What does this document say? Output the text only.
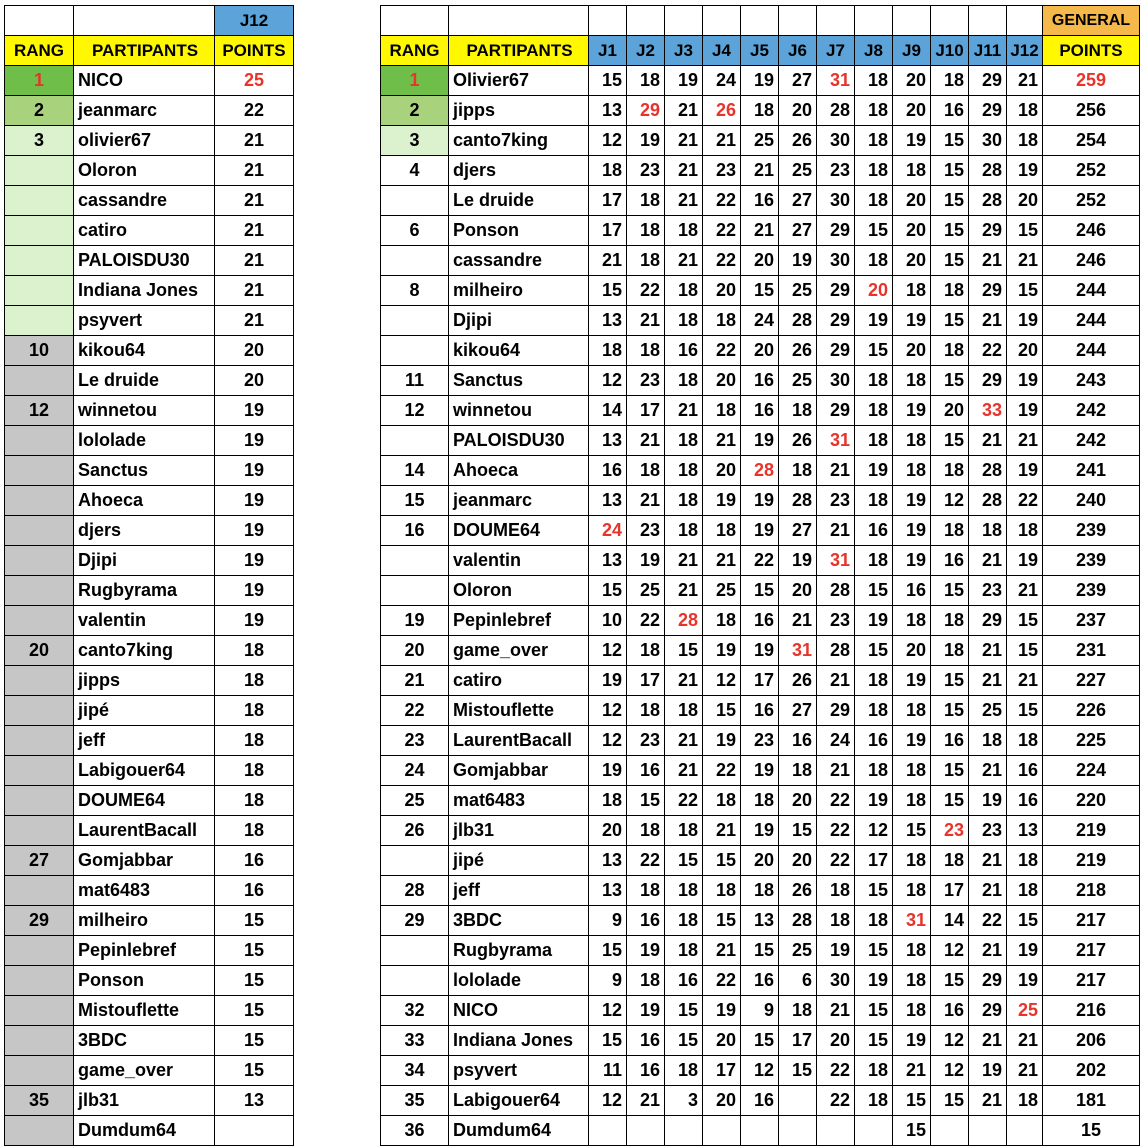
		J12
RANG	PARTIPANTS	POINTS
1	NICO	25
2	jeanmarc	22
3	olivier67	21
	Oloron	21
	cassandre	21
	catiro	21
	PALOISDU30	21
	Indiana Jones	21
	psyvert	21
10	kikou64	20
	Le druide	20
12	winnetou	19
	lololade	19
	Sanctus	19
	Ahoeca	19
	djers	19
	Djipi	19
	Rugbyrama	19
	valentin	19
20	canto7king	18
	jipps	18
	jipé	18
	jeff	18
	Labigouer64	18
	DOUME64	18
	LaurentBacall	18
27	Gomjabbar	16
	mat6483	16
29	milheiro	15
	Pepinlebref	15
	Ponson	15
	Mistouflette	15
	3BDC	15
	game_over	15
35	jlb31	13
	Dumdum64	
														GENERAL
RANG	PARTIPANTS	J1	J2	J3	J4	J5	J6	J7	J8	J9	J10	J11	J12	POINTS
1	Olivier67	15	18	19	24	19	27	31	18	20	18	29	21	259
2	jipps	13	29	21	26	18	20	28	18	20	16	29	18	256
3	canto7king	12	19	21	21	25	26	30	18	19	15	30	18	254
4	djers	18	23	21	23	21	25	23	18	18	15	28	19	252
	Le druide	17	18	21	22	16	27	30	18	20	15	28	20	252
6	Ponson	17	18	18	22	21	27	29	15	20	15	29	15	246
	cassandre	21	18	21	22	20	19	30	18	20	15	21	21	246
8	milheiro	15	22	18	20	15	25	29	20	18	18	29	15	244
	Djipi	13	21	18	18	24	28	29	19	19	15	21	19	244
	kikou64	18	18	16	22	20	26	29	15	20	18	22	20	244
11	Sanctus	12	23	18	20	16	25	30	18	18	15	29	19	243
12	winnetou	14	17	21	18	16	18	29	18	19	20	33	19	242
	PALOISDU30	13	21	18	21	19	26	31	18	18	15	21	21	242
14	Ahoeca	16	18	18	20	28	18	21	19	18	18	28	19	241
15	jeanmarc	13	21	18	19	19	28	23	18	19	12	28	22	240
16	DOUME64	24	23	18	18	19	27	21	16	19	18	18	18	239
	valentin	13	19	21	21	22	19	31	18	19	16	21	19	239
	Oloron	15	25	21	25	15	20	28	15	16	15	23	21	239
19	Pepinlebref	10	22	28	18	16	21	23	19	18	18	29	15	237
20	game_over	12	18	15	19	19	31	28	15	20	18	21	15	231
21	catiro	19	17	21	12	17	26	21	18	19	15	21	21	227
22	Mistouflette	12	18	18	15	16	27	29	18	18	15	25	15	226
23	LaurentBacall	12	23	21	19	23	16	24	16	19	16	18	18	225
24	Gomjabbar	19	16	21	22	19	18	21	18	18	15	21	16	224
25	mat6483	18	15	22	18	18	20	22	19	18	15	19	16	220
26	jlb31	20	18	18	21	19	15	22	12	15	23	23	13	219
	jipé	13	22	15	15	20	20	22	17	18	18	21	18	219
28	jeff	13	18	18	18	18	26	18	15	18	17	21	18	218
29	3BDC	9	16	18	15	13	28	18	18	31	14	22	15	217
	Rugbyrama	15	19	18	21	15	25	19	15	18	12	21	19	217
	lololade	9	18	16	22	16	6	30	19	18	15	29	19	217
32	NICO	12	19	15	19	9	18	21	15	18	16	29	25	216
33	Indiana Jones	15	16	15	20	15	17	20	15	19	12	21	21	206
34	psyvert	11	16	18	17	12	15	22	18	21	12	19	21	202
35	Labigouer64	12	21	3	20	16		22	18	15	15	21	18	181
36	Dumdum64									15				15
